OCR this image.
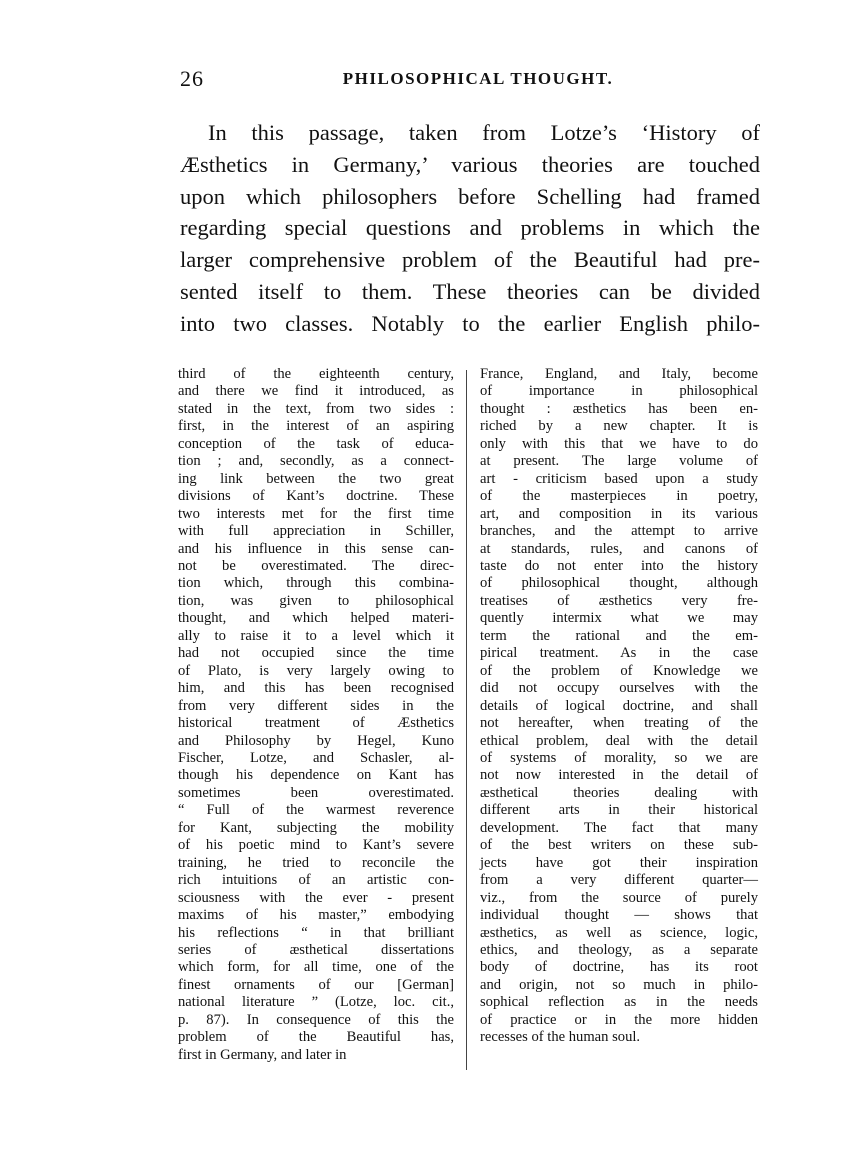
26	PHILOSOPHICAL THOUGHT.
In this passage, taken from Lotze’s ‘History of
Æsthetics in Germany,’ various theories are touched
upon which philosophers before Schelling had framed
regarding special questions and problems in which the
larger comprehensive problem of the Beautiful had pre-
sented itself to them. These theories can be divided
into two classes. Notably to the earlier English philo-
third of the eighteenth century,
and there we find it introduced, as
stated in the text, from two sides :
first, in the interest of an aspiring
conception of the task of educa-
tion ; and, secondly, as a connect-
ing link between the two great
divisions of Kant’s doctrine. These
two interests met for the first time
with full appreciation in Schiller,
and his influence in this sense can-
not be overestimated. The direc-
tion which, through this combina-
tion, was given to philosophical
thought, and which helped materi-
ally to raise it to a level which it
had not occupied since the time
of Plato, is very largely owing to
him, and this has been recognised
from very different sides in the
historical treatment of Æsthetics
and Philosophy by Hegel, Kuno
Fischer, Lotze, and Schasler, al-
though his dependence on Kant has
sometimes been overestimated.
“ Full of the warmest reverence
for Kant, subjecting the mobility
of his poetic mind to Kant’s severe
training, he tried to reconcile the
rich intuitions of an artistic con-
sciousness with the ever - present
maxims of his master,” embodying
his reflections “ in that brilliant
series of æsthetical dissertations
which form, for all time, one of the
finest ornaments of our [German]
national literature ” (Lotze, loc. cit.,
p. 87). In consequence of this the
problem of the Beautiful has,
first in Germany, and later in
France, England, and Italy, become
of importance in philosophical
thought : æsthetics has been en-
riched by a new chapter. It is
only with this that we have to do
at present. The large volume of
art - criticism based upon a study
of the masterpieces in poetry,
art, and composition in its various
branches, and the attempt to arrive
at standards, rules, and canons of
taste do not enter into the history
of philosophical thought, although
treatises of æsthetics very fre-
quently intermix what we may
term the rational and the em-
pirical treatment. As in the case
of the problem of Knowledge we
did not occupy ourselves with the
details of logical doctrine, and shall
not hereafter, when treating of the
ethical problem, deal with the detail
of systems of morality, so we are
not now interested in the detail of
æsthetical theories dealing with
different arts in their historical
development. The fact that many
of the best writers on these sub-
jects have got their inspiration
from a very different quarter—
viz., from the source of purely
individual thought — shows that
æsthetics, as well as science, logic,
ethics, and theology, as a separate
body of doctrine, has its root
and origin, not so much in philo-
sophical reflection as in the needs
of practice or in the more hidden
recesses of the human soul.
